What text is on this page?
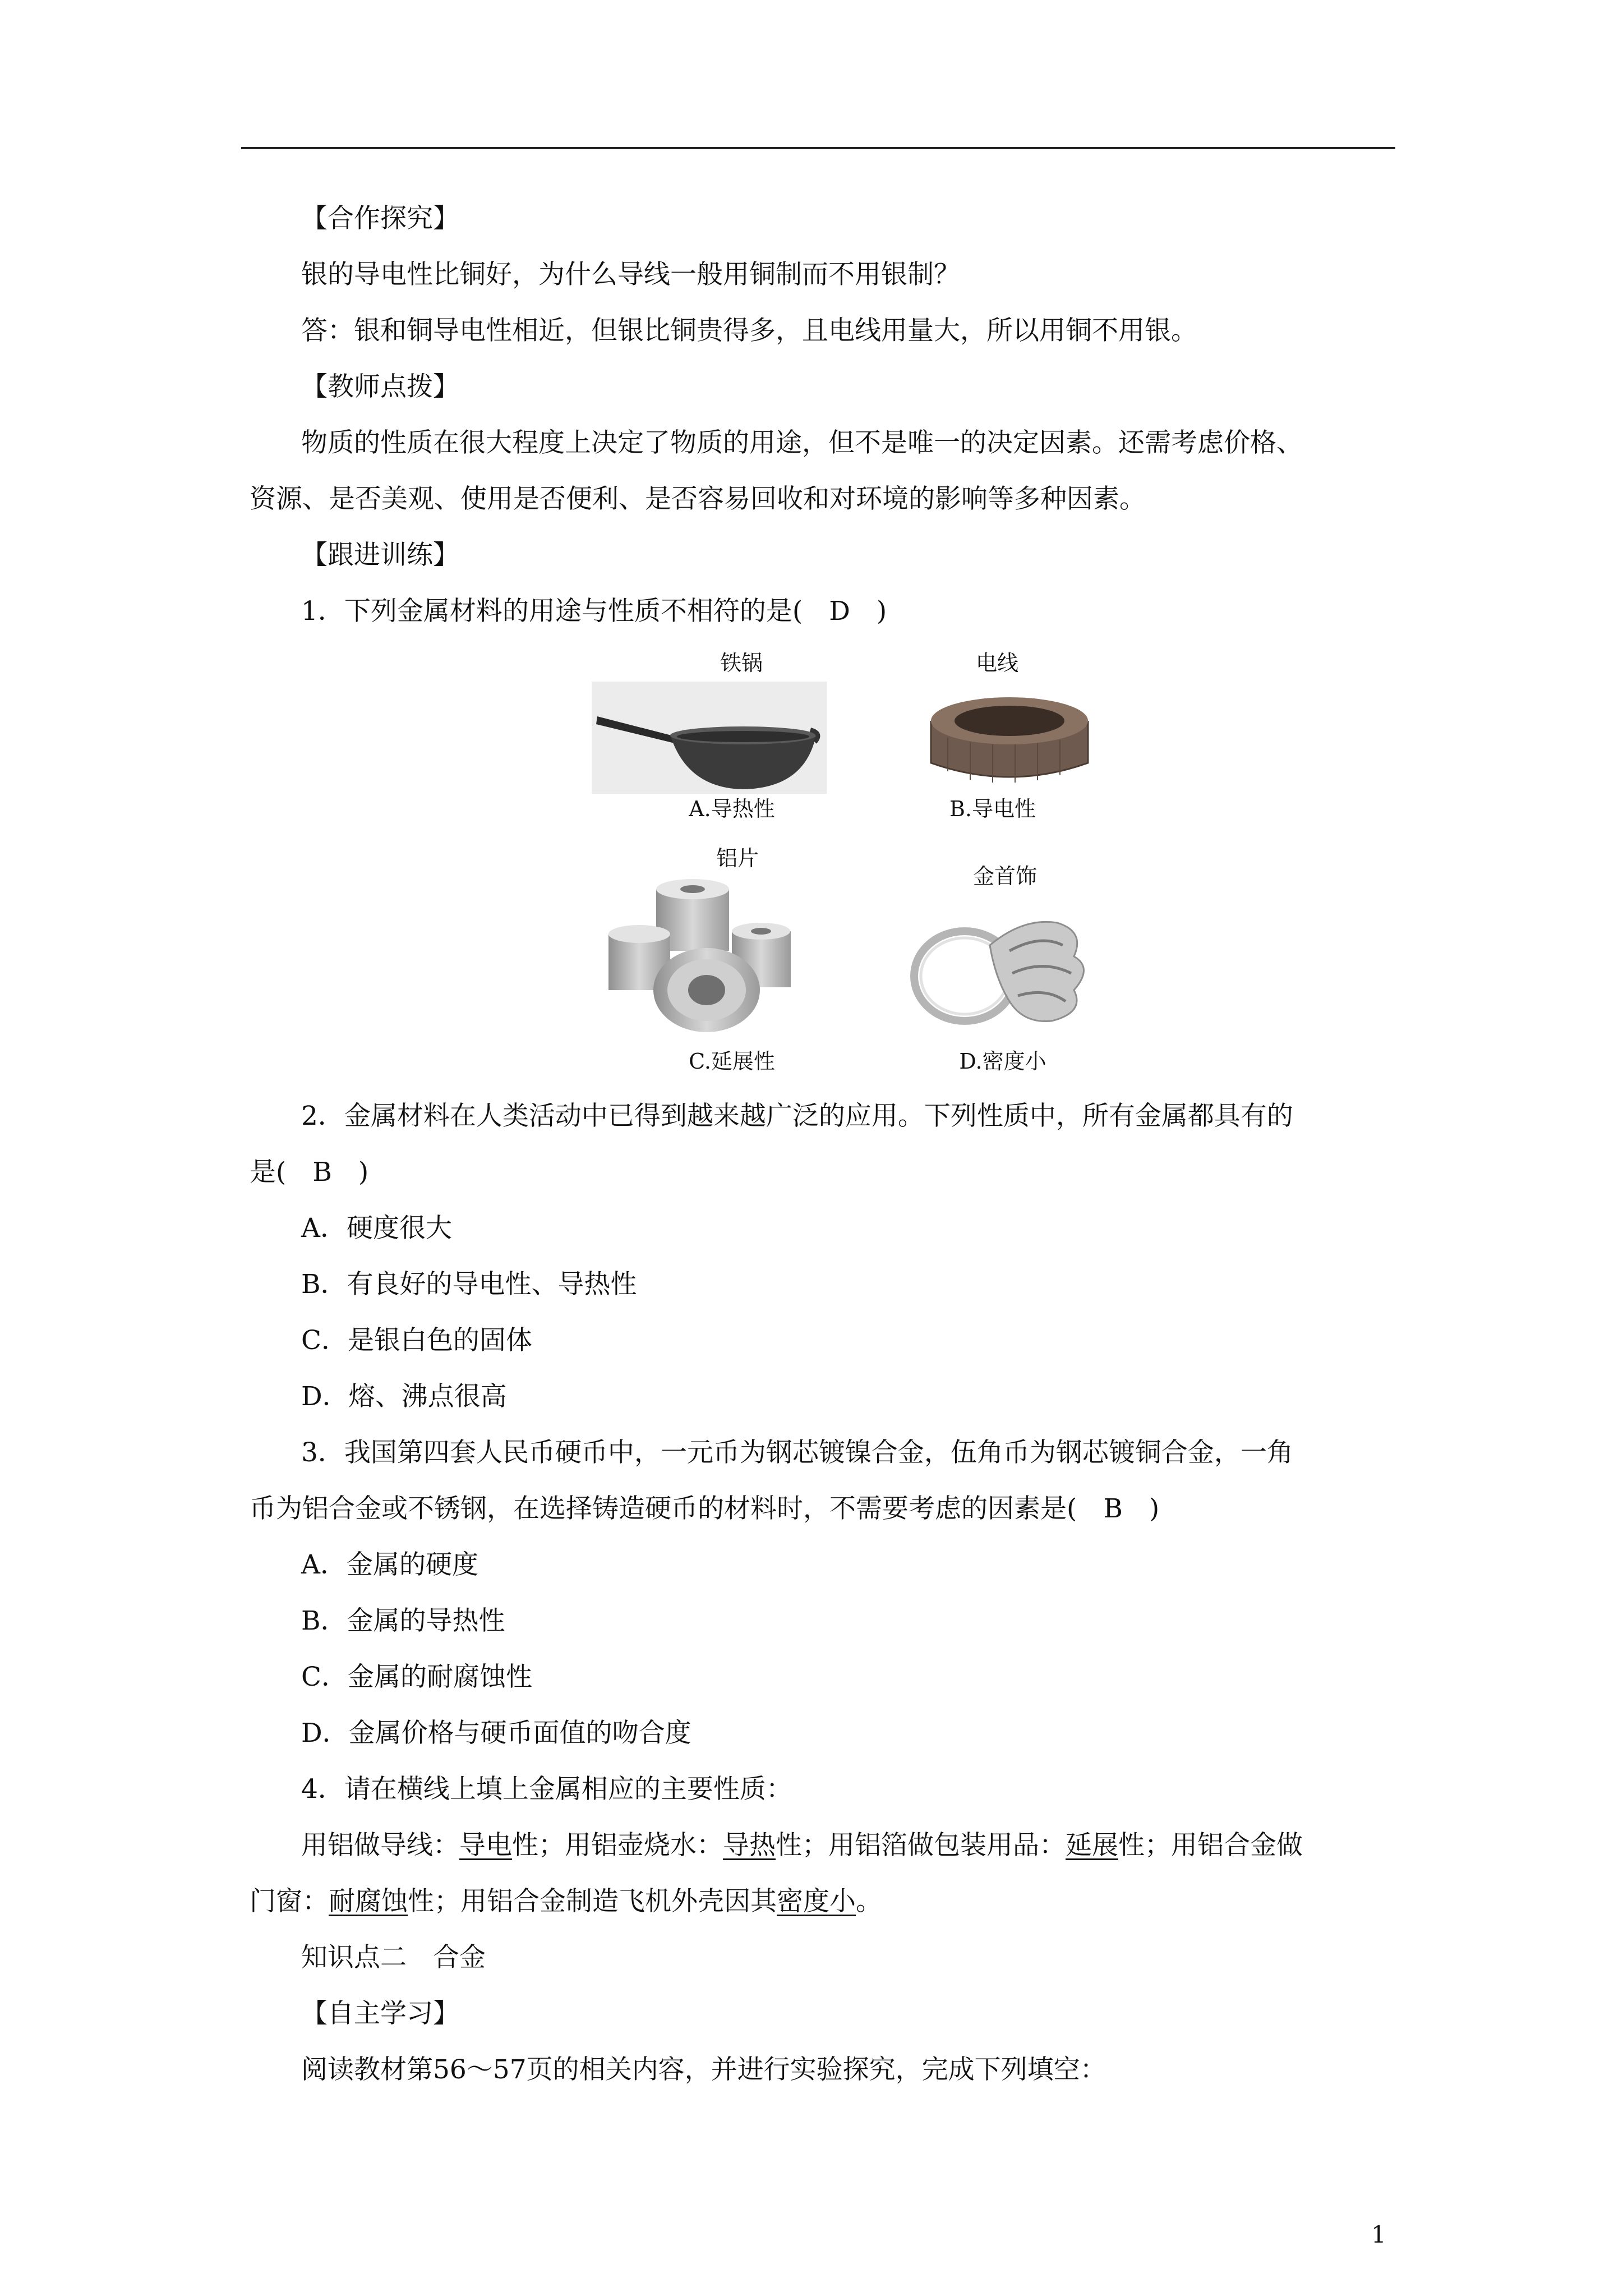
【合作探究】
银的导电性比铜好，为什么导线一般用铜制而不用银制？
答：银和铜导电性相近，但银比铜贵得多，且电线用量大，所以用铜不用银。
【教师点拨】
物质的性质在很大程度上决定了物质的用途，但不是唯一的决定因素。还需考虑价格、
资源、是否美观、使用是否便利、是否容易回收和对环境的影响等多种因素。
【跟进训练】
1．下列金属材料的用途与性质不相符的是(　D　)
铁锅
A.导热性
电线
B.导电性
铝片
C.延展性
金首饰
D.密度小
2．金属材料在人类活动中已得到越来越广泛的应用。下列性质中，所有金属都具有的
是(　B　)
A．硬度很大
B．有良好的导电性、导热性
C．是银白色的固体
D．熔、沸点很高
3．我国第四套人民币硬币中，一元币为钢芯镀镍合金，伍角币为钢芯镀铜合金，一角
币为铝合金或不锈钢，在选择铸造硬币的材料时，不需要考虑的因素是(　B　)
A．金属的硬度
B．金属的导热性
C．金属的耐腐蚀性
D．金属价格与硬币面值的吻合度
4．请在横线上填上金属相应的主要性质：
用铝做导线：导电性；用铝壶烧水：导热性；用铝箔做包装用品：延展性；用铝合金做
门窗：耐腐蚀性；用铝合金制造飞机外壳因其密度小。
知识点二　合金
【自主学习】
阅读教材第56～57页的相关内容，并进行实验探究，完成下列填空：
1
